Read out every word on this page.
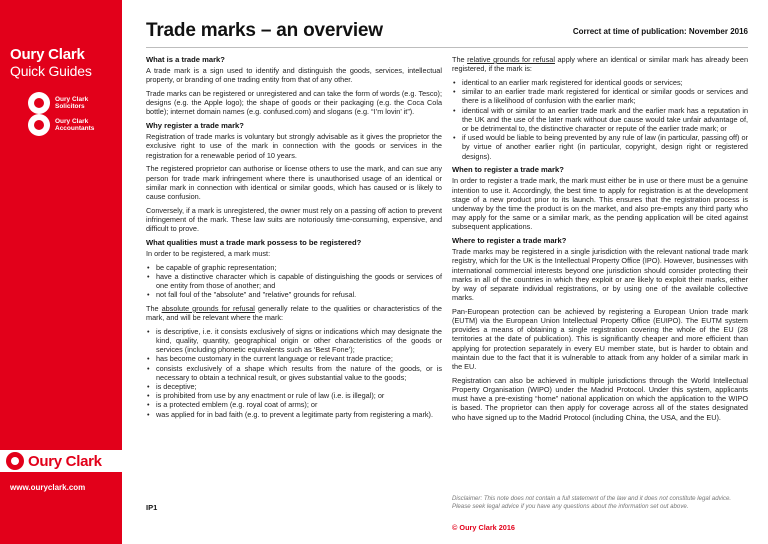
Oury Clark
Quick Guides
Oury Clark
Solicitors
Oury Clark
Accountants
Oury Clark
www.ouryclark.com
Trade marks – an overview	Correct at time of publication: November 2016
What is a trade mark?

A trade mark is a sign used to identify and distinguish the goods, services, intellectual property, or branding of one trading entity from that of any other.

Trade marks can be registered or unregistered and can take the form of words (e.g. Tesco); designs (e.g. the Apple logo); the shape of goods or their packaging (e.g. the Coca Cola bottle); internet domain names (e.g. confused.com) and slogans (e.g. “I’m lovin’ it”).

Why register a trade mark?

Registration of trade marks is voluntary but strongly advisable as it gives the proprietor the exclusive right to use of the mark in connection with the goods or services in the registration for a renewable period of 10 years.

The registered proprietor can authorise or license others to use the mark, and can sue any person for trade mark infringement where there is unauthorised usage of an identical or similar mark in connection with identical or similar goods, which has caused or is likely to cause confusion.

Conversely, if a mark is unregistered, the owner must rely on a passing off action to prevent infringement of the mark. These law suits are notoriously time-consuming, expensive, and difficult to prove.

What qualities must a trade mark possess to be registered?

In order to be registered, a mark must:

• be capable of graphic representation;
• have a distinctive character which is capable of distinguishing the goods or services of one entity from those of another; and
• not fall foul of the "absolute" and "relative" grounds for refusal.

The absolute grounds for refusal generally relate to the qualities or characteristics of the mark, and will be relevant where the mark:

• is descriptive, i.e. it consists exclusively of signs or indications which may designate the kind, quality, quantity, geographical origin or other characteristics of the goods or services (including phonetic equivalents such as ‘Best Fone’);
• has become customary in the current language or relevant trade practice;
• consists exclusively of a shape which results from the nature of the goods, or is necessary to obtain a technical result, or gives substantial value to the goods;
• is deceptive;
• is prohibited from use by any enactment or rule of law (i.e. is illegal); or
• is a protected emblem (e.g. royal coat of arms); or
• was applied for in bad faith (e.g. to prevent a legitimate party from registering a mark).

The relative grounds for refusal apply where an identical or similar mark has already been registered, if the mark is:

• identical to an earlier mark registered for identical goods or services;
• similar to an earlier trade mark registered for identical or similar goods or services and there is a likelihood of confusion with the earlier mark;
• identical with or similar to an earlier trade mark and the earlier mark has a reputation in the UK and the use of the later mark without due cause would take unfair advantage of, or be detrimental to, the distinctive character or repute of the earlier trade mark; or
• if used would be liable to being prevented by any rule of law (in particular, passing off) or by virtue of another earlier right (in particular, copyright, design right or registered designs).
When to register a trade mark?

In order to register a trade mark, the mark must either be in use or there must be a genuine intention to use it. Accordingly, the best time to apply for registration is at the development stage of a new product prior to its launch. This ensures that the registration process is underway by the time the product is on the market, and also pre-empts any third party who may apply for the same or a similar mark, as the pending application will be cited against subsequent applications.

Where to register a trade mark?

Trade marks may be registered in a single jurisdiction with the relevant national trade mark registry, which for the UK is the Intellectual Property Office (IPO). However, businesses with international commercial interests beyond one jurisdiction should consider protecting their marks in all of the countries in which they exploit or are likely to exploit their marks, either by way of separate individual registrations, or by using one of the available collective marks.

Pan-European protection can be achieved by registering a European Union trade mark (EUTM) via the European Union Intellectual Property Office (EUIPO). The EUTM system provides a means of obtaining a single registration covering the whole of the EU (28 territories at the date of publication). This is significantly cheaper and more efficient than applying for protection separately in every EU member state, but is harder to obtain and maintain due to the fact that it is vulnerable to attack from any holder of a similar mark in the EU.

Registration can also be achieved in multiple jurisdictions through the World Intellectual Property Organisation (WIPO) under the Madrid Protocol. Under this system, applicants must have a pre-existing “home” national application on which the application to the WIPO is based. The proprietor can then apply for coverage across all of the states designated who have signed up to the Madrid Protocol (including China, the USA, and the EU).

IP1
Disclaimer: This note does not contain a full statement of the law and it does not constitute legal advice. Please seek legal advice if you have any questions about the information set out above.
© Oury Clark 2016
